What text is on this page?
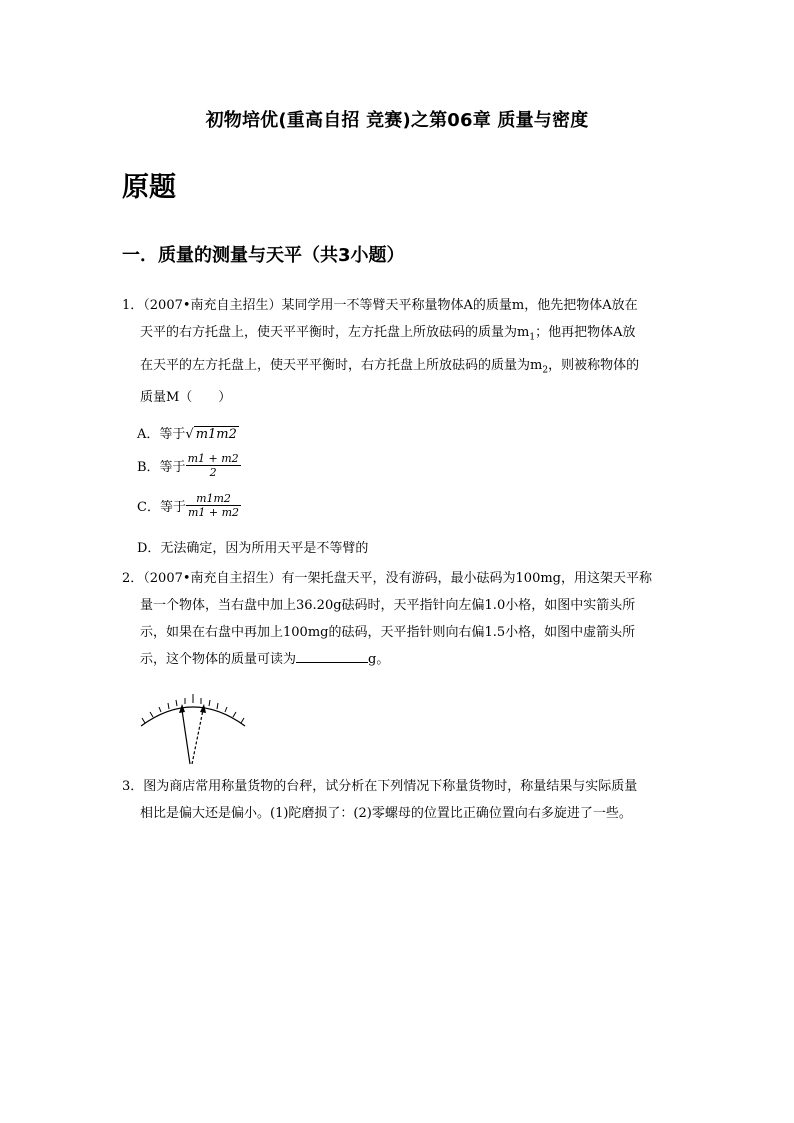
初物培优(重高自招 竞赛)之第06章 质量与密度
原题
一．质量的测量与天平（共3小题）
1．（2007•南充自主招生）某同学用一不等臂天平称量物体A的质量m，他先把物体A放在
天平的右方托盘上，使天平平衡时，左方托盘上所放砝码的质量为$m_1$；他再把物体A放
在天平的左方托盘上，使天平平衡时，右方托盘上所放砝码的质量为$m_2$，则被称物体的
质量M（　　）
A．等于√ m1m2
B．等于 $\frac{m1 + m2}{2}$
C．等于 $\frac{m1m2}{m1 + m2}$
D．无法确定，因为所用天平是不等臂的
2．（2007•南充自主招生）有一架托盘天平，没有游码，最小砝码为100mg，用这架天平称
量一个物体，当右盘中加上36.20g砝码时，天平指针向左偏1.0小格，如图中实箭头所
示，如果在右盘中再加上100mg的砝码，天平指针则向右偏1.5小格，如图中虚箭头所
示，这个物体的质量可读为	g。
3．图为商店常用称量货物的台秤，试分析在下列情况下称量货物时，称量结果与实际质量
相比是偏大还是偏小。(1)陀磨损了：(2)零螺母的位置比正确位置向右多旋进了一些。
